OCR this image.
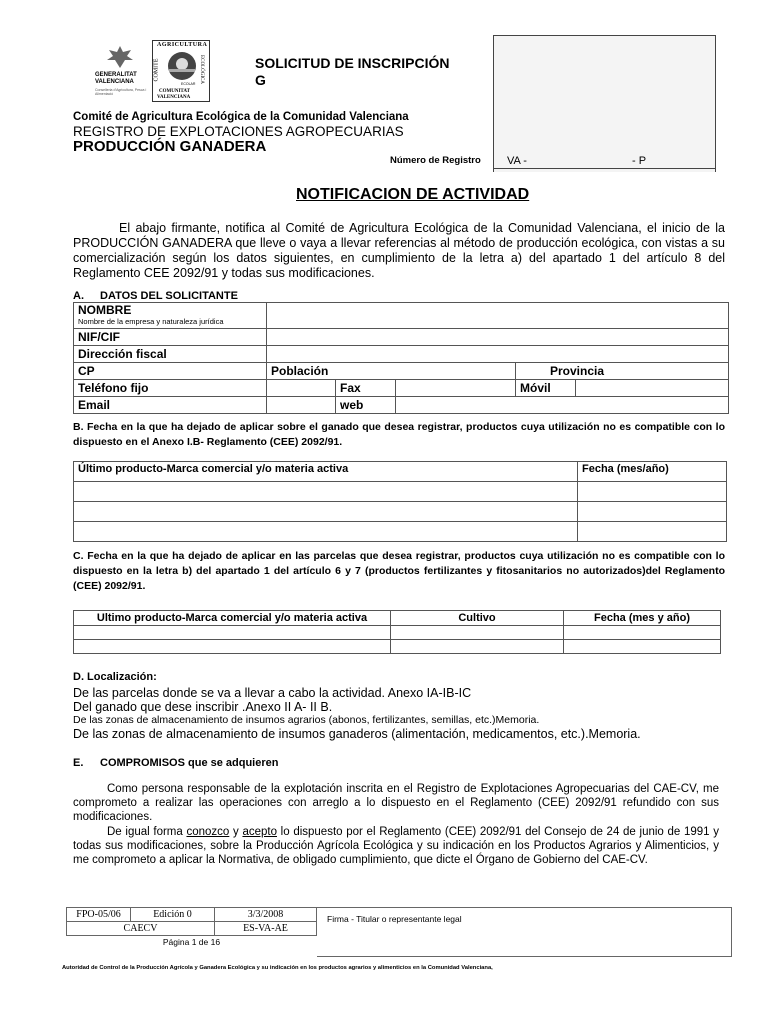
GENERALITAT
VALENCIANA
Conselleria d'Agricultura, Pesca i Alimentació
AGRICULTURA
COMITÉ	ECOLÓGICA
ECOLAR
COMUNITAT
VALENCIANA
SOLICITUD DE INSCRIPCIÓN
G
Comité de Agricultura Ecológica de la Comunidad Valenciana
REGISTRO DE EXPLOTACIONES AGROPECUARIAS
PRODUCCIÓN GANADERA
Número de Registro VA -	- P
NOTIFICACION DE ACTIVIDAD
El abajo firmante, notifica al Comité de Agricultura Ecológica de la Comunidad Valenciana, el inicio de la PRODUCCIÓN GANADERA que lleve o vaya a llevar referencias al método de producción ecológica, con vistas a su comercialización según los datos siguientes, en cumplimiento de la letra a) del apartado 1 del artículo 8 del Reglamento CEE 2092/91 y todas sus modificaciones.
A. DATOS DEL SOLICITANTE
NOMBRE
Nombre de la empresa y naturaleza jurídica					

NIF/CIF					
Dirección fiscal					
CP	Población			Provincia	
Teléfono fijo		Fax		Móvil	
Email		web			
B. Fecha en la que ha dejado de aplicar sobre el ganado que desea registrar, productos cuya utilización no es compatible con lo dispuesto en el Anexo I.B- Reglamento (CEE) 2092/91.
Último producto-Marca comercial y/o materia activa	Fecha (mes/año)

C. Fecha en la que ha dejado de aplicar en las parcelas que desea registrar, productos cuya utilización no es compatible con lo dispuesto en la letra b) del apartado 1 del artículo 6 y 7 (productos fertilizantes y fitosanitarios no autorizados)del Reglamento (CEE) 2092/91.
Ultimo producto-Marca comercial y/o materia activa	Cultivo	Fecha (mes y año)

D. Localización:
De las parcelas donde se va a llevar a cabo la actividad. Anexo IA-IB-IC
Del ganado que dese inscribir .Anexo II A- II B.
De las zonas de almacenamiento de insumos agrarios (abonos, fertilizantes, semillas, etc.)Memoria.
De las zonas de almacenamiento de insumos ganaderos (alimentación, medicamentos, etc.).Memoria.
E. COMPROMISOS que se adquieren
Como persona responsable de la explotación inscrita en el Registro de Explotaciones Agropecuarias del CAE-CV, me comprometo a realizar las operaciones con arreglo a lo dispuesto en el Reglamento (CEE) 2092/91 refundido con sus modificaciones.
De igual forma conozco y acepto lo dispuesto por el Reglamento (CEE) 2092/91 del Consejo de 24 de junio de 1991 y todas sus modificaciones, sobre la Producción Agrícola Ecológica y su indicación en los Productos Agrarios y Alimenticios, y me comprometo a aplicar la Normativa, de obligado cumplimiento, que dicte el Órgano de Gobierno del CAE-CV.
FPO-05/06	Edición 0	3/3/2008
CAECV		ES-VA-AE
Página 1 de 16		
Firma - Titular o representante legal
Autoridad de Control de la Producción Agrícola y Ganadera Ecológica y su indicación en los productos agrarios y alimenticios en la Comunidad Valenciana,
